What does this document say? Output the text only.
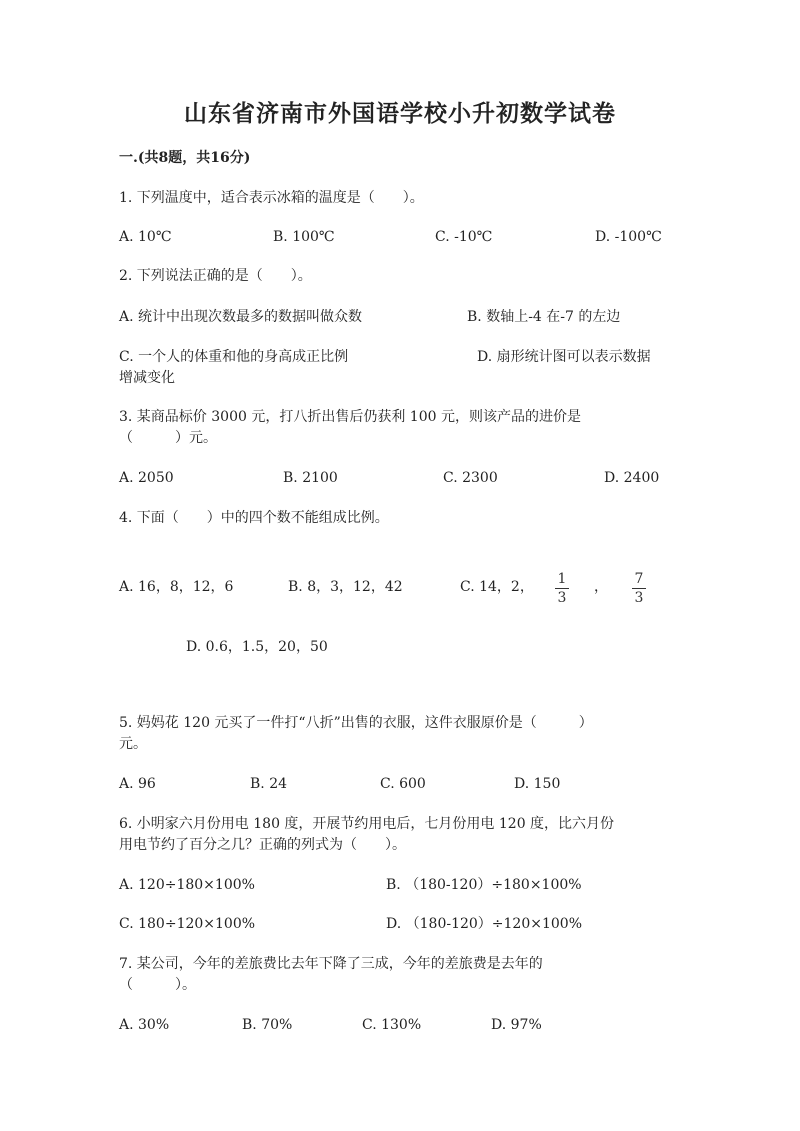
山东省济南市外国语学校小升初数学试卷
一.(共8题，共16分)
1. 下列温度中，适合表示冰箱的温度是（　　）。
A. 10℃	B. 100℃	C. -10℃	D. -100℃
2. 下列说法正确的是（　　）。
A. 统计中出现次数最多的数据叫做众数	B. 数轴上-4 在-7 的左边
C. 一个人的体重和他的身高成正比例	D. 扇形统计图可以表示数据
增减变化
3. 某商品标价 3000 元，打八折出售后仍获利 100 元，则该产品的进价是
（　　　）元。
A. 2050	B. 2100	C. 2300	D. 2400
4. 下面（　　）中的四个数不能组成比例。
A. 16，8，12，6	B. 8，3，12，42	C. 14，2，	1
3
，	7
3
D. 0.6，1.5，20，50
5. 妈妈花 120 元买了一件打“八折”出售的衣服，这件衣服原价是（　　　）
元。
A. 96	B. 24	C. 600	D. 150
6. 小明家六月份用电 180 度，开展节约用电后，七月份用电 120 度，比六月份
用电节约了百分之几？正确的列式为（　　）。
A. 120÷180×100%	B. （180-120）÷180×100%
C. 180÷120×100%	D. （180-120）÷120×100%
7. 某公司，今年的差旅费比去年下降了三成，今年的差旅费是去年的
（　　　）。
A. 30%	B. 70%	C. 130%	D. 97%
